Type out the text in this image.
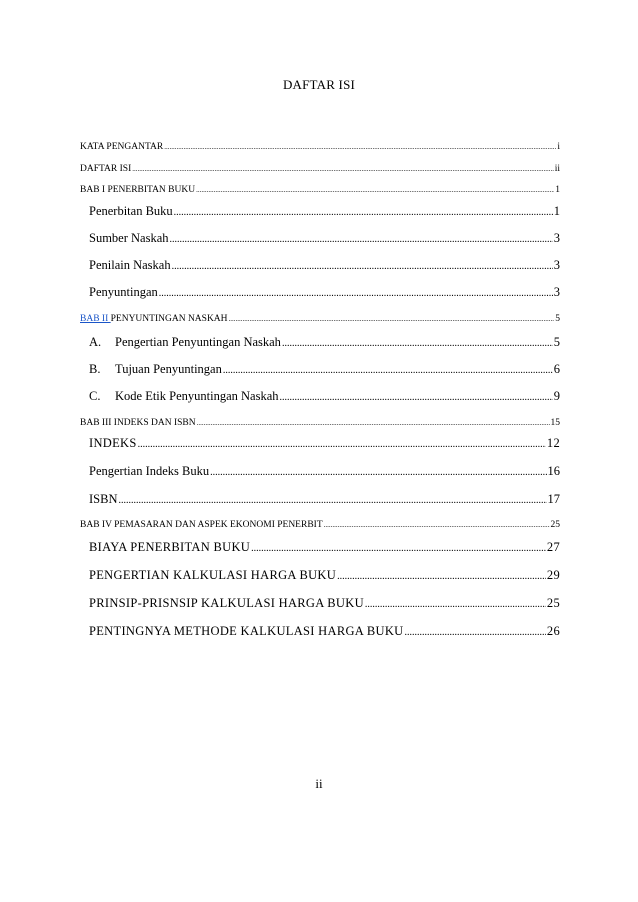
DAFTAR ISI
KATA PENGANTAR .....	i
DAFTAR ISI .....	ii
BAB I PENERBITAN BUKU .....	1
Penerbitan Buku .....	1
Sumber Naskah .....	3
Penilain Naskah .....	3
Penyuntingan .....	3
BAB II PENYUNTINGAN NASKAH .....	5
A. Pengertian Penyuntingan Naskah .....	5
B. Tujuan Penyuntingan .....	6
C. Kode Etik Penyuntingan Naskah .....	9
BAB III INDEKS DAN ISBN .....	15
INDEKS .....	12
Pengertian Indeks Buku .....	16
ISBN .....	17
BAB IV PEMASARAN DAN ASPEK EKONOMI PENERBIT .....	25
BIAYA PENERBITAN BUKU .....	27
PENGERTIAN KALKULASI HARGA BUKU .....	29
PRINSIP-PRISNSIP KALKULASI HARGA BUKU .....	25
PENTINGNYA METHODE KALKULASI HARGA BUKU .....	26
ii
